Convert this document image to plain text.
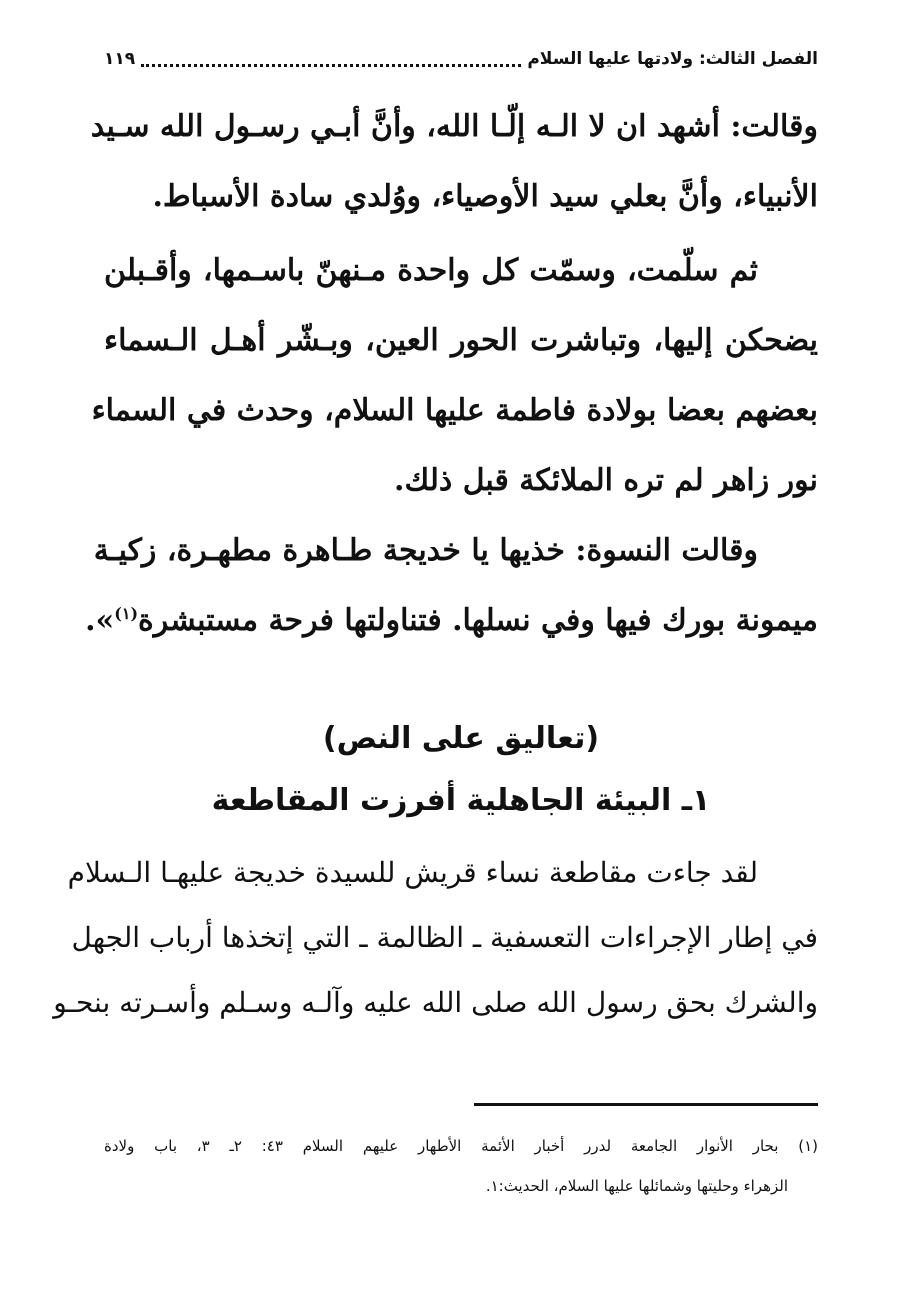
الفصل الثالث: ولادتها عليها السلام
١١٩
وقالت: أشهد ان لا الـه إلّـا الله، وأنَّ أبـي رسـول الله سـيد
الأنبياء، وأنَّ بعلي سيد الأوصياء، ووُلدي سادة الأسباط.
ثم سلّمت، وسمّت كل واحدة مـنهنّ باسـمها، وأقـبلن
يضحكن إليها، وتباشرت الحور العين، وبـشّر أهـل الـسماء
بعضهم بعضا بولادة فاطمة عليها السلام، وحدث في السماء
نور زاهر لم تره الملائكة قبل ذلك.
وقالت النسوة: خذيها يا خديجة طـاهرة مطهـرة، زكيـة
ميمونة بورك فيها وفي نسلها. فتناولتها فرحة مستبشرة$^{(١)}$».
(تعاليق على النص)
١ـ البيئة الجاهلية أفرزت المقاطعة
لقد جاءت مقاطعة نساء قريش للسيدة خديجة عليهـا الـسلام
في إطار الإجراءات التعسفية ـ الظالمة ـ التي إتخذها أرباب الجهل
والشرك بحق رسول الله صلى الله عليه وآلـه وسـلم وأسـرته بنحـو
(١) بحار الأنوار الجامعة لدرر أخبار الأئمة الأطهار عليهم السلام ٤٣: ٢ـ ٣، باب ولادة
الزهراء وحليتها وشمائلها عليها السلام، الحديث:١.
